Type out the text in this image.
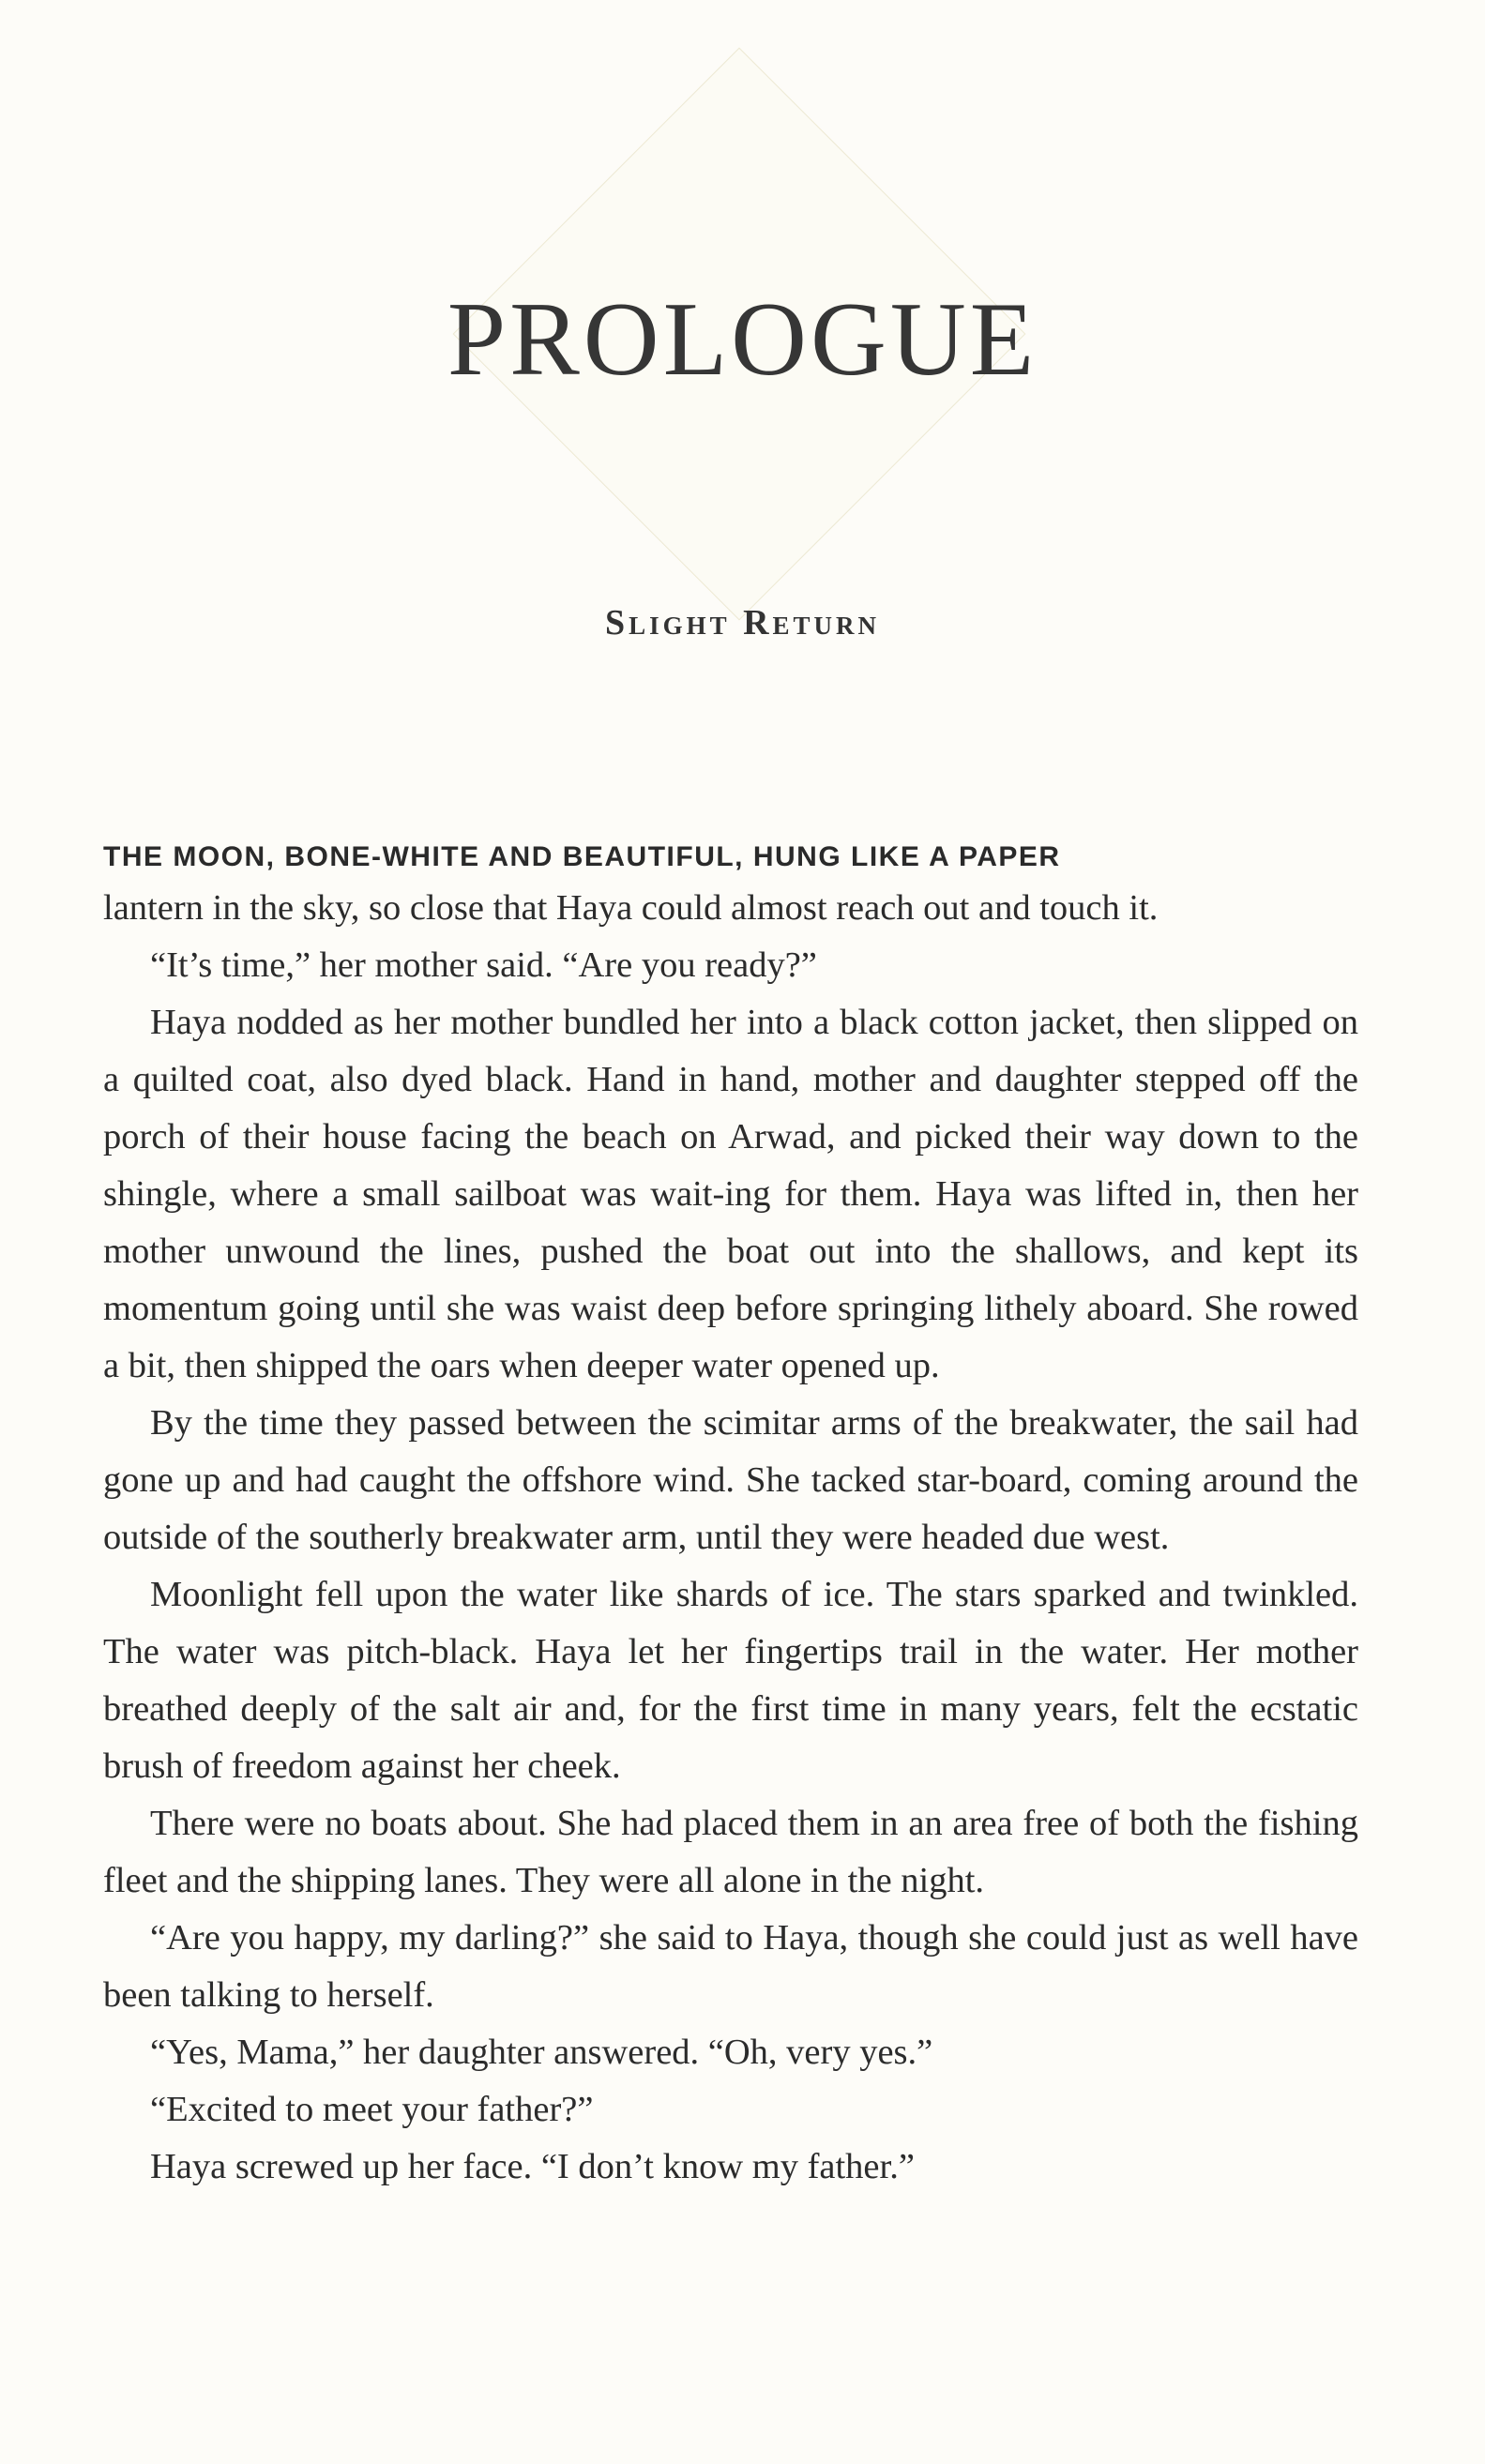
PROLOGUE
Slight Return

THE MOON, BONE-WHITE AND BEAUTIFUL, HUNG LIKE A PAPER

lantern in the sky, so close that Haya could almost reach out and touch it.

“It’s time,” her mother said. “Are you ready?”

Haya nodded as her mother bundled her into a black cotton jacket, then slipped on a quilted coat, also dyed black. Hand in hand, mother and daughter stepped off the porch of their house facing the beach on Arwad, and picked their way down to the shingle, where a small sailboat was wait-ing for them. Haya was lifted in, then her mother unwound the lines, pushed the boat out into the shallows, and kept its momentum going until she was waist deep before springing lithely aboard. She rowed a bit, then shipped the oars when deeper water opened up.

By the time they passed between the scimitar arms of the breakwater, the sail had gone up and had caught the offshore wind. She tacked star-board, coming around the outside of the southerly breakwater arm, until they were headed due west.

Moonlight fell upon the water like shards of ice. The stars sparked and twinkled. The water was pitch-black. Haya let her fingertips trail in the water. Her mother breathed deeply of the salt air and, for the first time in many years, felt the ecstatic brush of freedom against her cheek.

There were no boats about. She had placed them in an area free of both the fishing fleet and the shipping lanes. They were all alone in the night.

“Are you happy, my darling?” she said to Haya, though she could just as well have been talking to herself.

“Yes, Mama,” her daughter answered. “Oh, very yes.”

“Excited to meet your father?”

Haya screwed up her face. “I don’t know my father.”
